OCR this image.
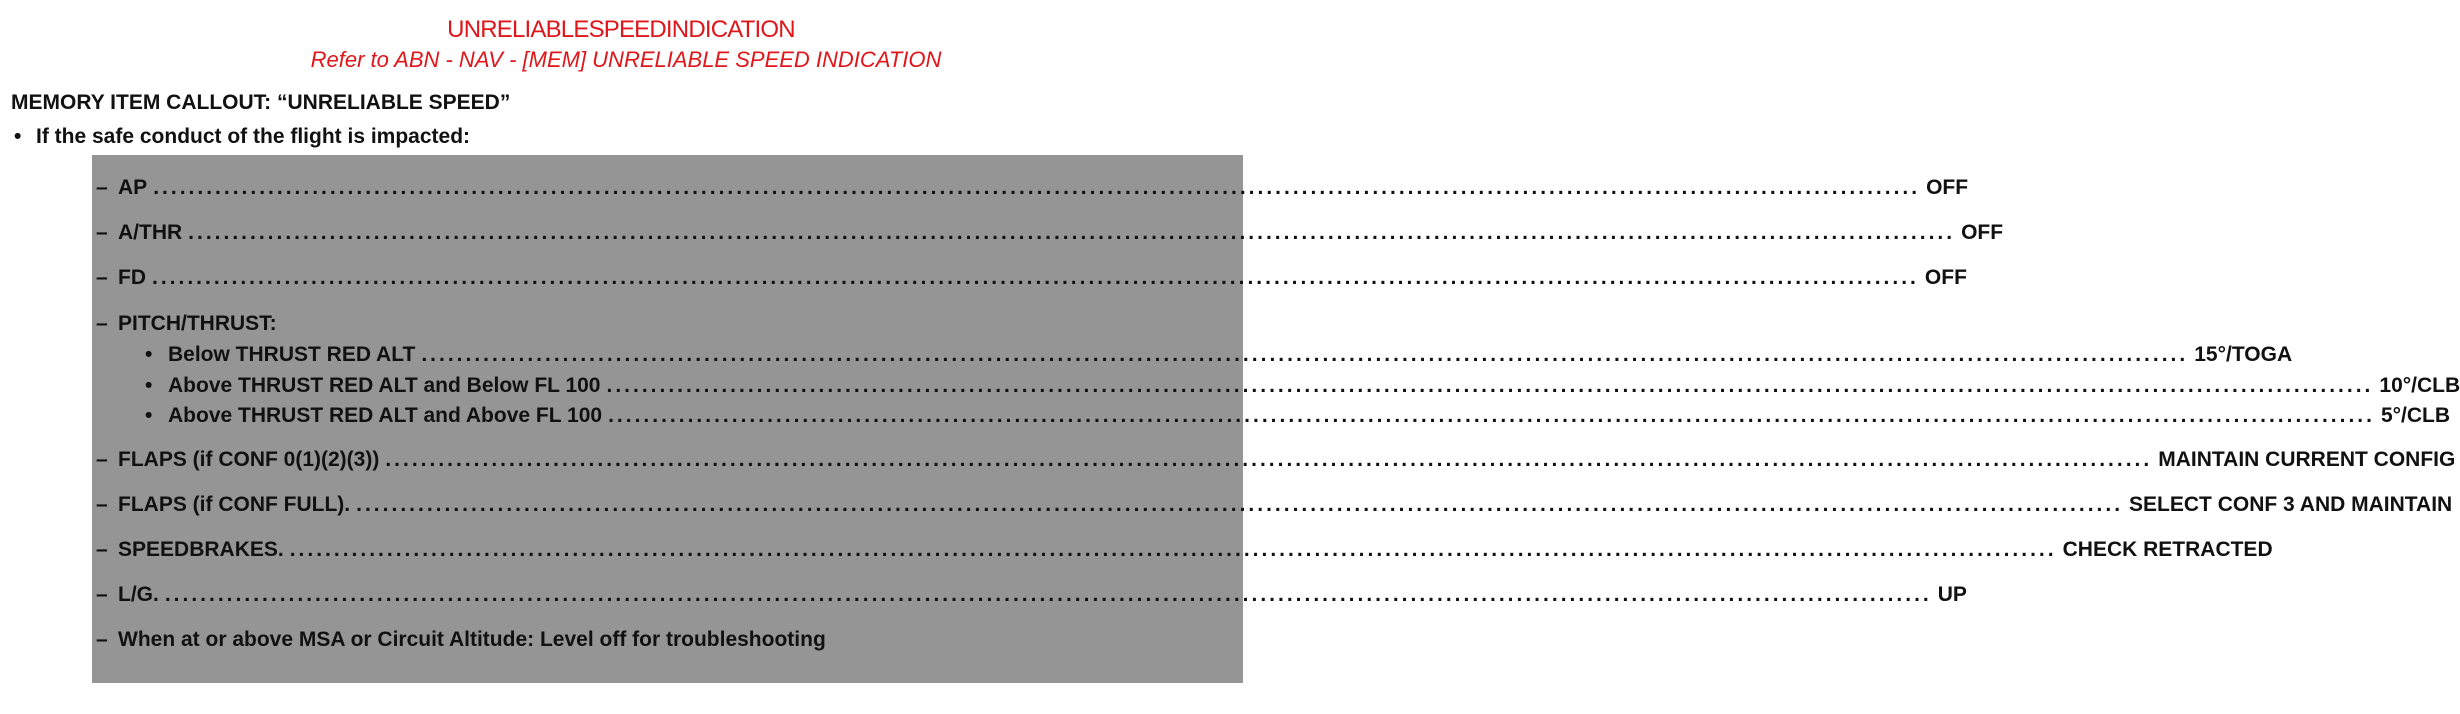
UNRELIABLESPEEDINDICATION
Refer to ABN - NAV - [MEM] UNRELIABLE SPEED INDICATION
MEMORY ITEM CALLOUT: “UNRELIABLE SPEED”
• If the safe conduct of the flight is impacted:
– AP ........................................................................................................................................................................................................ OFF
– A/THR ........................................................................................................................................................................................................ OFF
– FD ........................................................................................................................................................................................................ OFF
– PITCH/THRUST:
• Below THRUST RED ALT ........................................................................................................................................................................................................ 15°/TOGA
• Above THRUST RED ALT and Below FL 100 ........................................................................................................................................................................................................ 10°/CLB
• Above THRUST RED ALT and Above FL 100 ........................................................................................................................................................................................................ 5°/CLB
– FLAPS (if CONF 0(1)(2)(3)) ........................................................................................................................................................................................................ MAINTAIN CURRENT CONFIG
– FLAPS (if CONF FULL). ........................................................................................................................................................................................................ SELECT CONF 3 AND MAINTAIN
– SPEEDBRAKES. ........................................................................................................................................................................................................ CHECK RETRACTED
– L/G. ........................................................................................................................................................................................................ UP
– When at or above MSA or Circuit Altitude: Level off for troubleshooting
